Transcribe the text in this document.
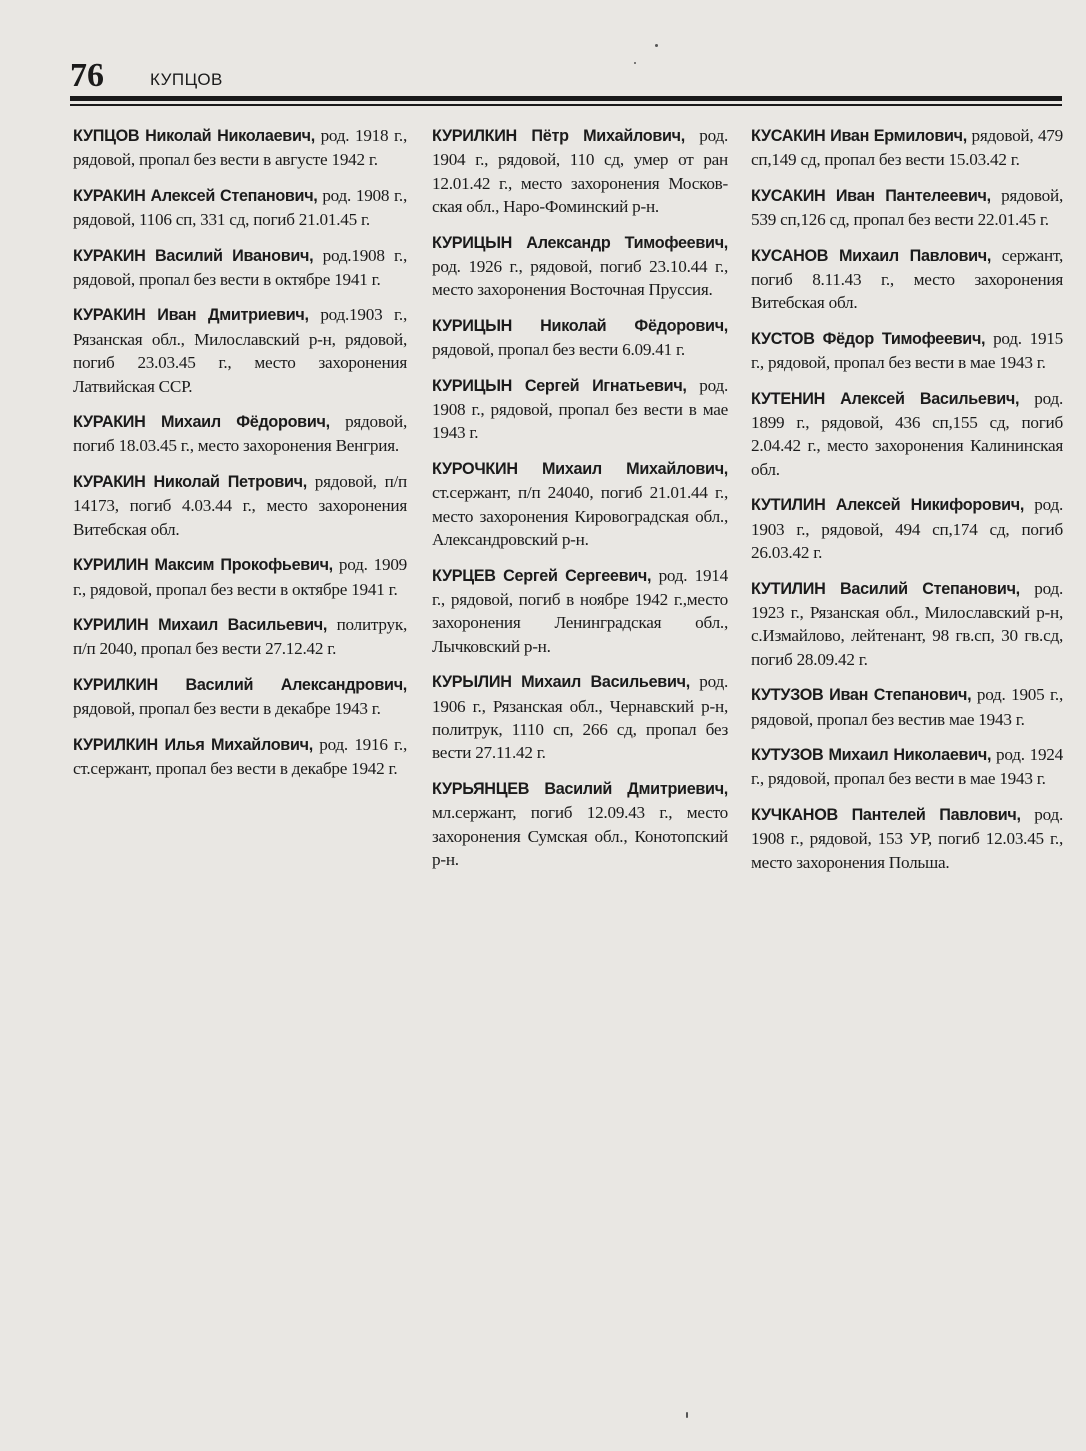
76	КУПЦОВ

КУПЦОВ Николай Николаевич, род. 1918 г., рядовой, пропал без вести в августе 1942 г.

КУРАКИН Алексей Степанович, род. 1908 г., рядовой, 1106 сп, 331 сд, погиб 21.01.45 г.

КУРАКИН Василий Иванович, род.1908 г., рядовой, пропал без вести в октябре 1941 г.

КУРАКИН Иван Дмитриевич, род.1903 г., Рязанская обл., Милославский р-н, рядовой, погиб 23.03.45 г., место захоронения Латвийская ССР.

КУРАКИН Михаил Фёдорович, рядовой, погиб 18.03.45 г., место захоронения Венгрия.

КУРАКИН Николай Петрович, рядовой, п/п 14173, погиб 4.03.44 г., место захоронения Витебская обл.

КУРИЛИН Максим Прокофьевич, род. 1909 г., рядовой, пропал без вести в октябре 1941 г.

КУРИЛИН Михаил Васильевич, политрук, п/п 2040, пропал без вести 27.12.42 г.

КУРИЛКИН Василий Александрович, рядовой, пропал без вести в декабре 1943 г.

КУРИЛКИН Илья Михайлович, род. 1916 г., ст.сержант, пропал без вести в декабре 1942 г.

КУРИЛКИН Пётр Михайлович, род. 1904 г., рядовой, 110 сд, умер от ран 12.01.42 г., место захоронения Москов-ская обл., Наро-Фоминский р-н.

КУРИЦЫН Александр Тимофеевич, род. 1926 г., рядовой, погиб 23.10.44 г., место захоронения Восточная Пруссия.

КУРИЦЫН Николай Фёдорович, рядовой, пропал без вести 6.09.41 г.

КУРИЦЫН Сергей Игнатьевич, род. 1908 г., рядовой, пропал без вести в мае 1943 г.

КУРОЧКИН Михаил Михайлович, ст.сержант, п/п 24040, погиб 21.01.44 г., место захоронения Кировоградская обл., Александровский р-н.

КУРЦЕВ Сергей Сергеевич, род. 1914 г., рядовой, погиб в ноябре 1942 г.,место захоронения Ленинградская обл., Лычковский р-н.

КУРЫЛИН Михаил Васильевич, род. 1906 г., Рязанская обл., Чернавский р-н, политрук, 1110 сп, 266 сд, пропал без вести 27.11.42 г.

КУРЬЯНЦЕВ Василий Дмитриевич, мл.сержант, погиб 12.09.43 г., место захоронения Сумская обл., Конотопский р-н.

КУСАКИН Иван Ермилович, рядовой, 479 сп,149 сд, пропал без вести 15.03.42 г.

КУСАКИН Иван Пантелеевич, рядовой, 539 сп,126 сд, пропал без вести 22.01.45 г.

КУСАНОВ Михаил Павлович, сержант, погиб 8.11.43 г., место захоронения Витебская обл.

КУСТОВ Фёдор Тимофеевич, род. 1915 г., рядовой, пропал без вести в мае 1943 г.

КУТЕНИН Алексей Васильевич, род. 1899 г., рядовой, 436 сп,155 сд, погиб 2.04.42 г., место захоронения Калининская обл.

КУТИЛИН Алексей Никифорович, род. 1903 г., рядовой, 494 сп,174 сд, погиб 26.03.42 г.

КУТИЛИН Василий Степанович, род. 1923 г., Рязанская обл., Милославский р-н, с.Измайлово, лейтенант, 98 гв.сп, 30 гв.сд, погиб 28.09.42 г.

КУТУЗОВ Иван Степанович, род. 1905 г., рядовой, пропал без вестив мае 1943 г.

КУТУЗОВ Михаил Николаевич, род. 1924 г., рядовой, пропал без вести в мае 1943 г.

КУЧКАНОВ Пантелей Павлович, род. 1908 г., рядовой, 153 УР, погиб 12.03.45 г., место захоронения Польша.
